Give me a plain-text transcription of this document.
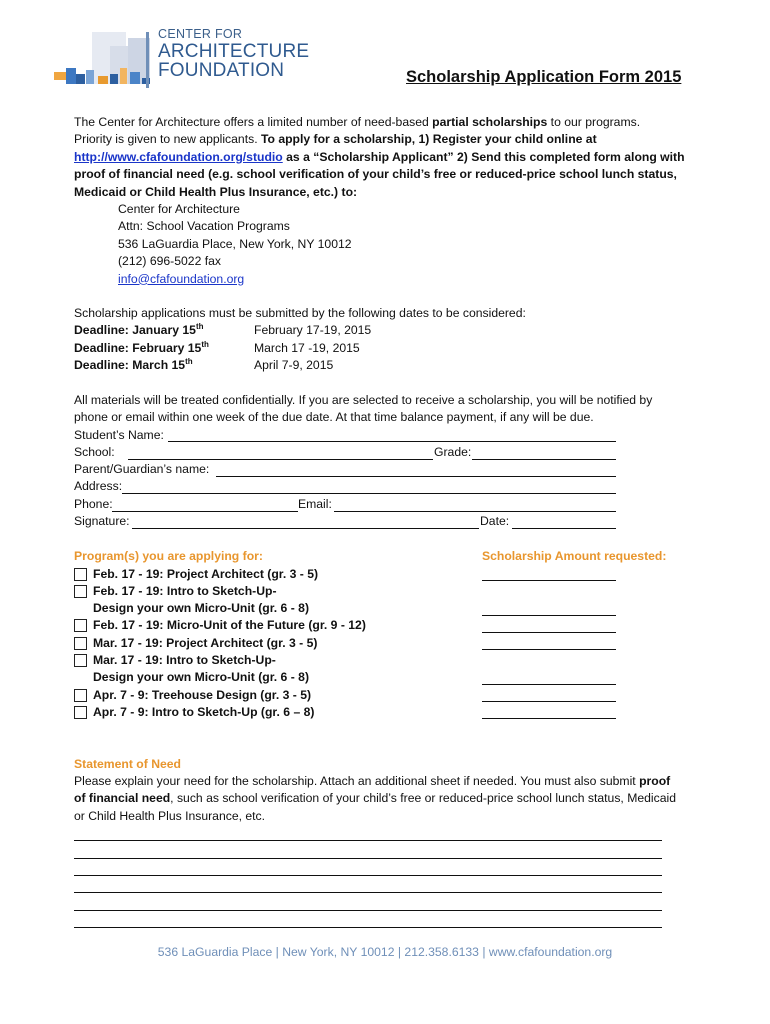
CENTER FOR
ARCHITECTURE
FOUNDATION	Scholarship Application Form 2015
The Center for Architecture offers a limited number of need-based partial scholarships to our programs.
Priority is given to new applicants. To apply for a scholarship, 1) Register your child online at
http://www.cfafoundation.org/studio as a “Scholarship Applicant” 2) Send this completed form along with
proof of financial need (e.g. school verification of your child’s free or reduced-price school lunch status,
Medicaid or Child Health Plus Insurance, etc.) to:
Center for Architecture
Attn: School Vacation Programs
536 LaGuardia Place, New York, NY 10012
(212) 696-5022 fax
info@cfafoundation.org
Scholarship applications must be submitted by the following dates to be considered:
Deadline: January 15th	February 17-19, 2015
Deadline: February 15th	March 17 -19, 2015
Deadline: March 15th	April 7-9, 2015
All materials will be treated confidentially. If you are selected to receive a scholarship, you will be notified by
phone or email within one week of the due date. At that time balance payment, if any will be due.
Student’s Name:
School:	Grade:
Parent/Guardian’s name:
Address:
Phone:	Email:
Signature:	Date:
Program(s) you are applying for:	Scholarship Amount requested:
Feb. 17 - 19: Project Architect (gr. 3 - 5)
Feb. 17 - 19: Intro to Sketch-Up-
Design your own Micro-Unit (gr. 6 - 8)
Feb. 17 - 19: Micro-Unit of the Future (gr. 9 - 12)
Mar. 17 - 19: Project Architect (gr. 3 - 5)
Mar. 17 - 19: Intro to Sketch-Up-
Design your own Micro-Unit (gr. 6 - 8)
Apr. 7 - 9: Treehouse Design (gr. 3 - 5)
Apr. 7 - 9: Intro to Sketch-Up (gr. 6 – 8)
Statement of Need
Please explain your need for the scholarship. Attach an additional sheet if needed. You must also submit proof
of financial need, such as school verification of your child’s free or reduced-price school lunch status, Medicaid
or Child Health Plus Insurance, etc.
536 LaGuardia Place | New York, NY 10012 | 212.358.6133 | www.cfafoundation.org
